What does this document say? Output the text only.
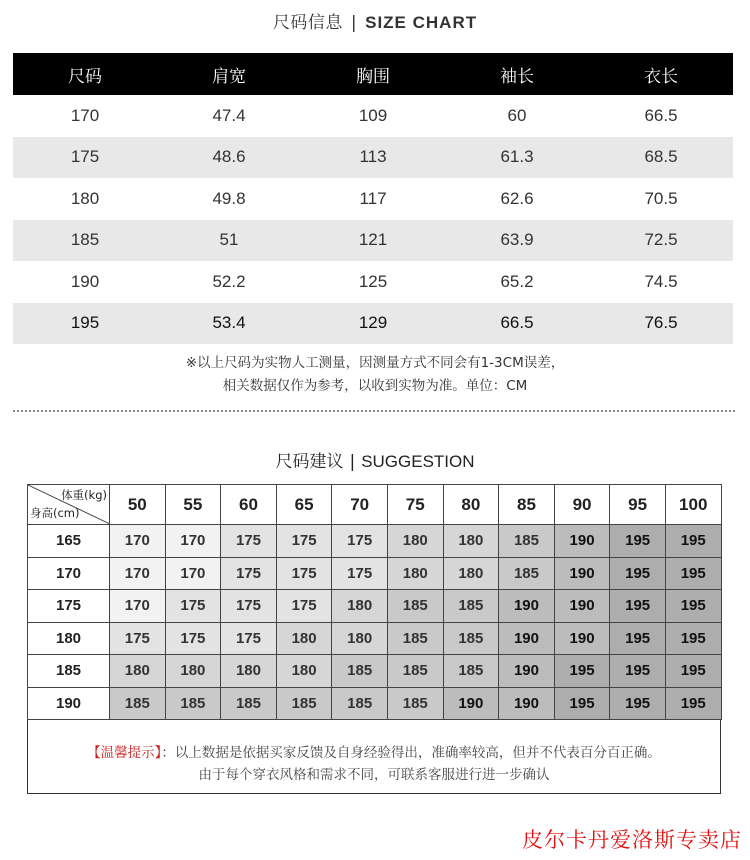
尺码信息 | SIZE CHART
尺码	肩宽	胸围	袖长	衣长
170	47.4	109	60	66.5
175	48.6	113	61.3	68.5
180	49.8	117	62.6	70.5
185	51	121	63.9	72.5
190	52.2	125	65.2	74.5
195	53.4	129	66.5	76.5
※以上尺码为实物人工测量，因测量方式不同会有1-3CM误差，
相关数据仅作为参考，以收到实物为准。单位：CM
尺码建议 | SUGGESTION
体重(kg)
身高(cm)	50	55	60	65	70	75	80	85	90	95	100
165	170	170	175	175	175	180	180	185	190	195	195
170	170	170	175	175	175	180	180	185	190	195	195
175	170	175	175	175	180	185	185	190	190	195	195
180	175	175	175	180	180	185	185	190	190	195	195
185	180	180	180	180	185	185	185	190	195	195	195
190	185	185	185	185	185	185	190	190	195	195	195
【温馨提示】：以上数据是依据买家反馈及自身经验得出，准确率较高，但并不代表百分百正确。
由于每个穿衣风格和需求不同，可联系客服进行进一步确认
皮尔卡丹爱洛斯专卖店
